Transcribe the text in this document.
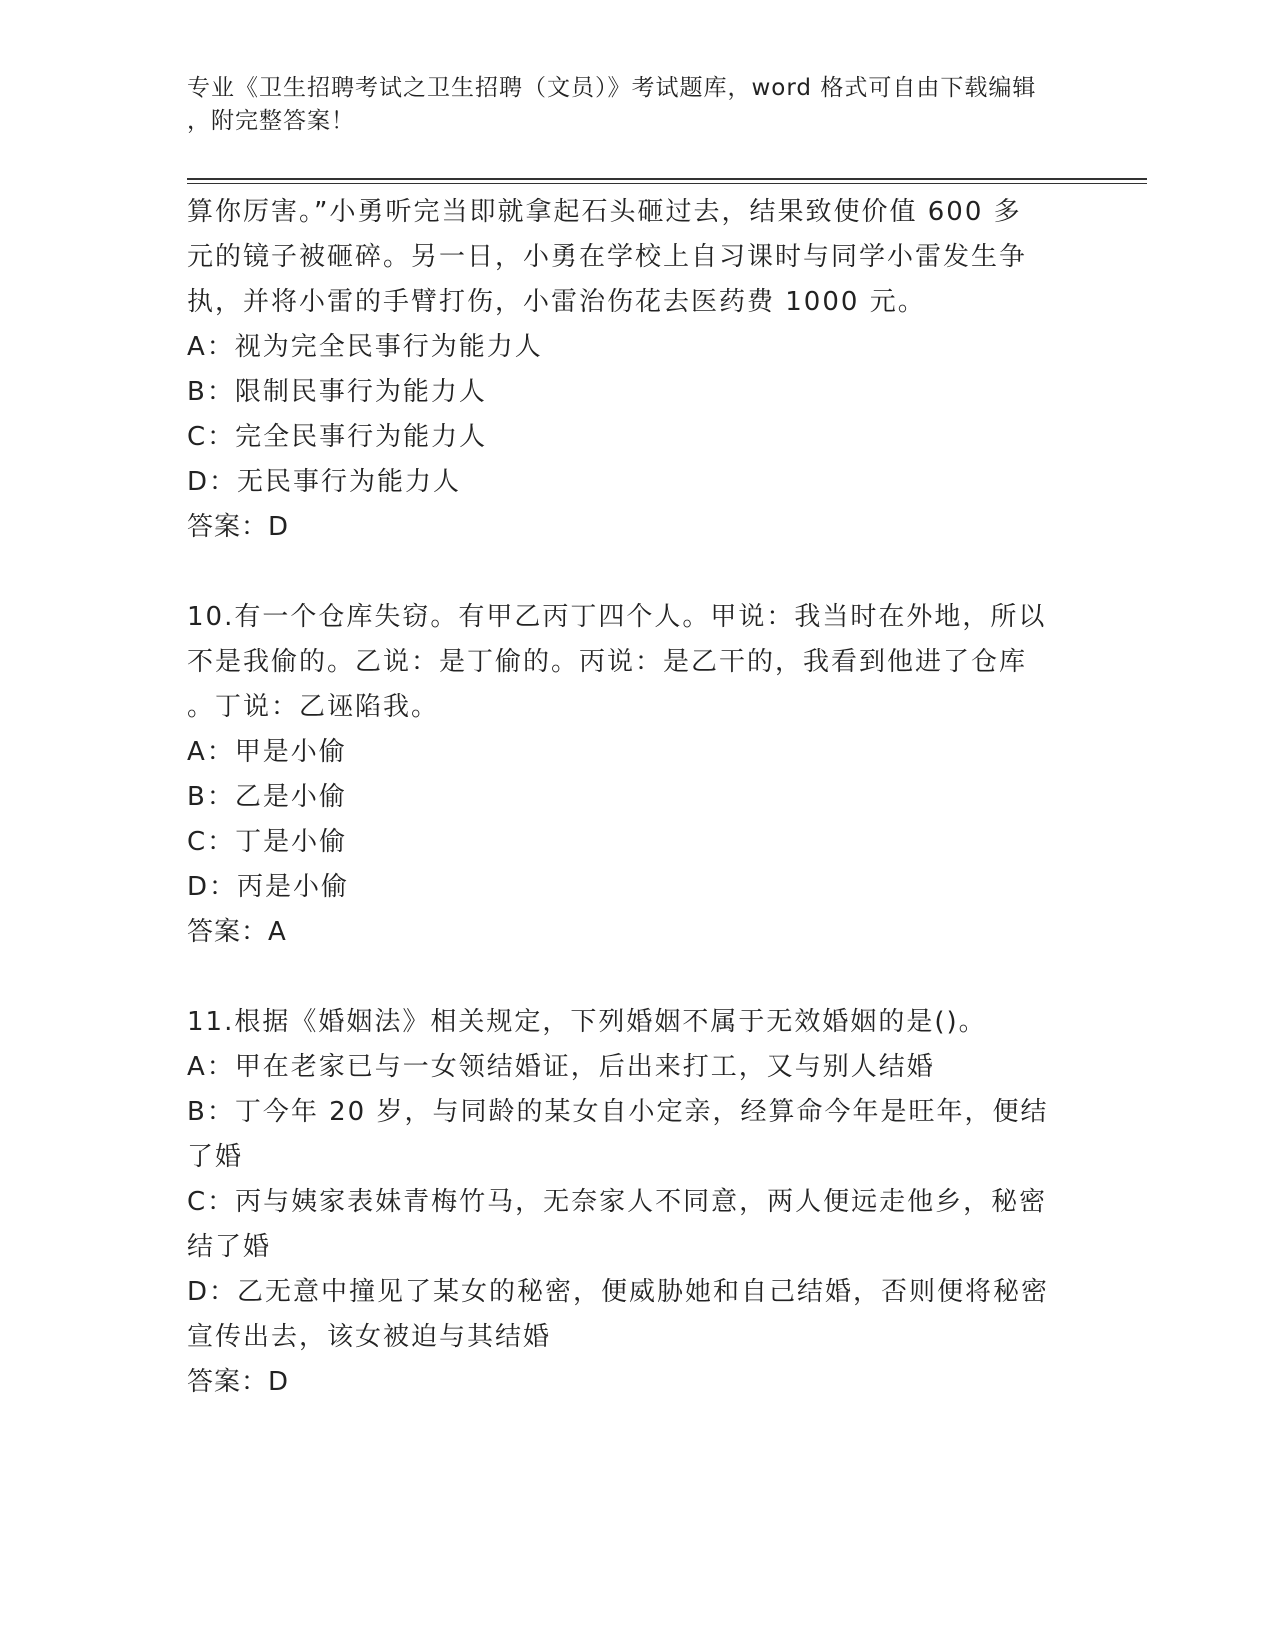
专业《卫生招聘考试之卫生招聘（文员）》考试题库，word 格式可自由下载编辑
，附完整答案！
算你厉害。”小勇听完当即就拿起石头砸过去，结果致使价值 600 多
元的镜子被砸碎。另一日，小勇在学校上自习课时与同学小雷发生争
执，并将小雷的手臂打伤，小雷治伤花去医药费 1000 元。
A：视为完全民事行为能力人
B：限制民事行为能力人
C：完全民事行为能力人
D：无民事行为能力人
答案：D
10.有一个仓库失窃。有甲乙丙丁四个人。甲说：我当时在外地，所以
不是我偷的。乙说：是丁偷的。丙说：是乙干的，我看到他进了仓库
。丁说：乙诬陷我。
A：甲是小偷
B：乙是小偷
C：丁是小偷
D：丙是小偷
答案：A
11.根据《婚姻法》相关规定，下列婚姻不属于无效婚姻的是()。
A：甲在老家已与一女领结婚证，后出来打工，又与别人结婚
B：丁今年 20 岁，与同龄的某女自小定亲，经算命今年是旺年，便结
了婚
C：丙与姨家表妹青梅竹马，无奈家人不同意，两人便远走他乡，秘密
结了婚
D：乙无意中撞见了某女的秘密，便威胁她和自己结婚，否则便将秘密
宣传出去，该女被迫与其结婚
答案：D
